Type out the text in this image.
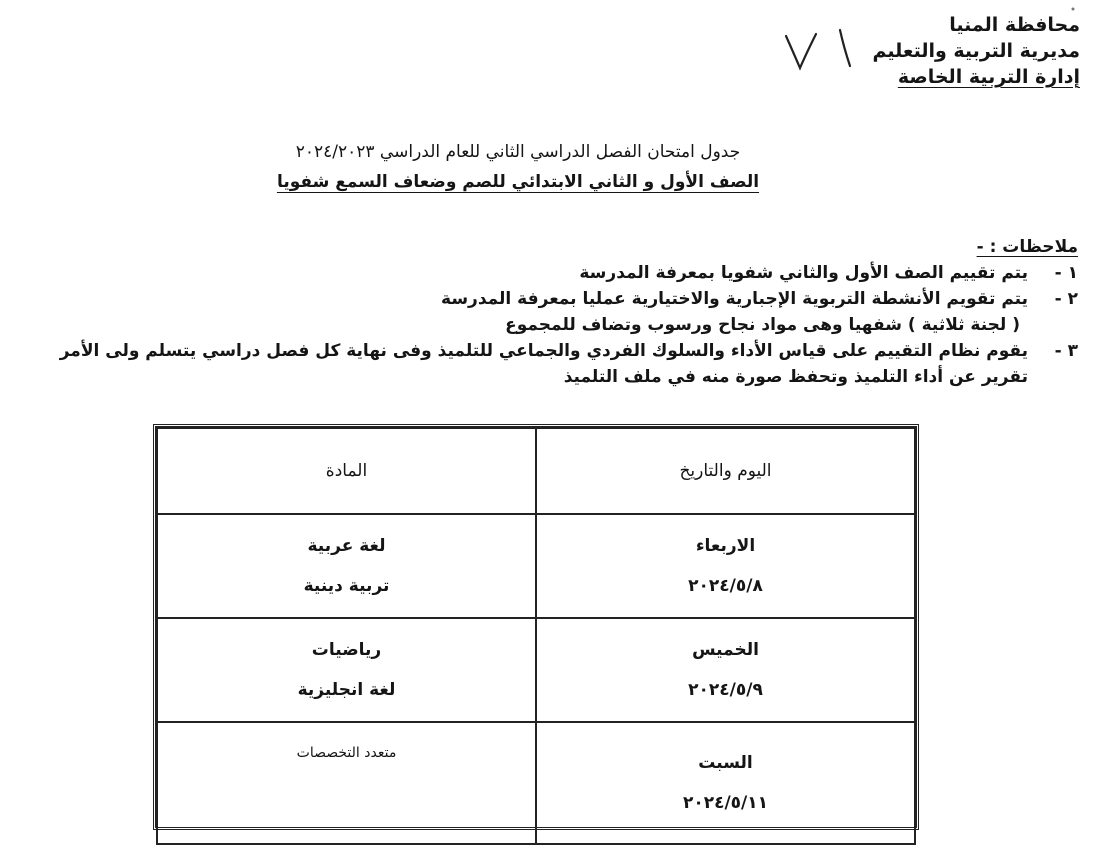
محافظة المنيا
مديرية التربية والتعليم
إدارة التربية الخاصة
جدول امتحان الفصل الدراسي الثاني للعام الدراسي ٢٠٢٤/٢٠٢٣
الصف الأول و الثاني الابتدائي للصم وضعاف السمع شفويا
ملاحظات : -
١ -
يتم تقييم الصف الأول والثاني شفويا بمعرفة المدرسة
٢ -
يتم تقويم الأنشطة التربوية الإجبارية والاختيارية عمليا بمعرفة المدرسة
( لجنة ثلاثية ) شفهيا وهى مواد نجاح ورسوب وتضاف للمجموع
٣ -
يقوم نظام التقييم على قياس الأداء والسلوك الفردي والجماعي للتلميذ وفى نهاية كل فصل دراسي يتسلم ولى الأمر
تقرير عن أداء التلميذ وتحفظ صورة منه في ملف التلميذ
اليوم والتاريخ	المادة

الاربعاء
٢٠٢٤/٥/٨	لغة عربية
تربية دينية

الخميس
٢٠٢٤/٥/٩	رياضيات
لغة انجليزية

السبت
٢٠٢٤/٥/١١	متعدد التخصصات
